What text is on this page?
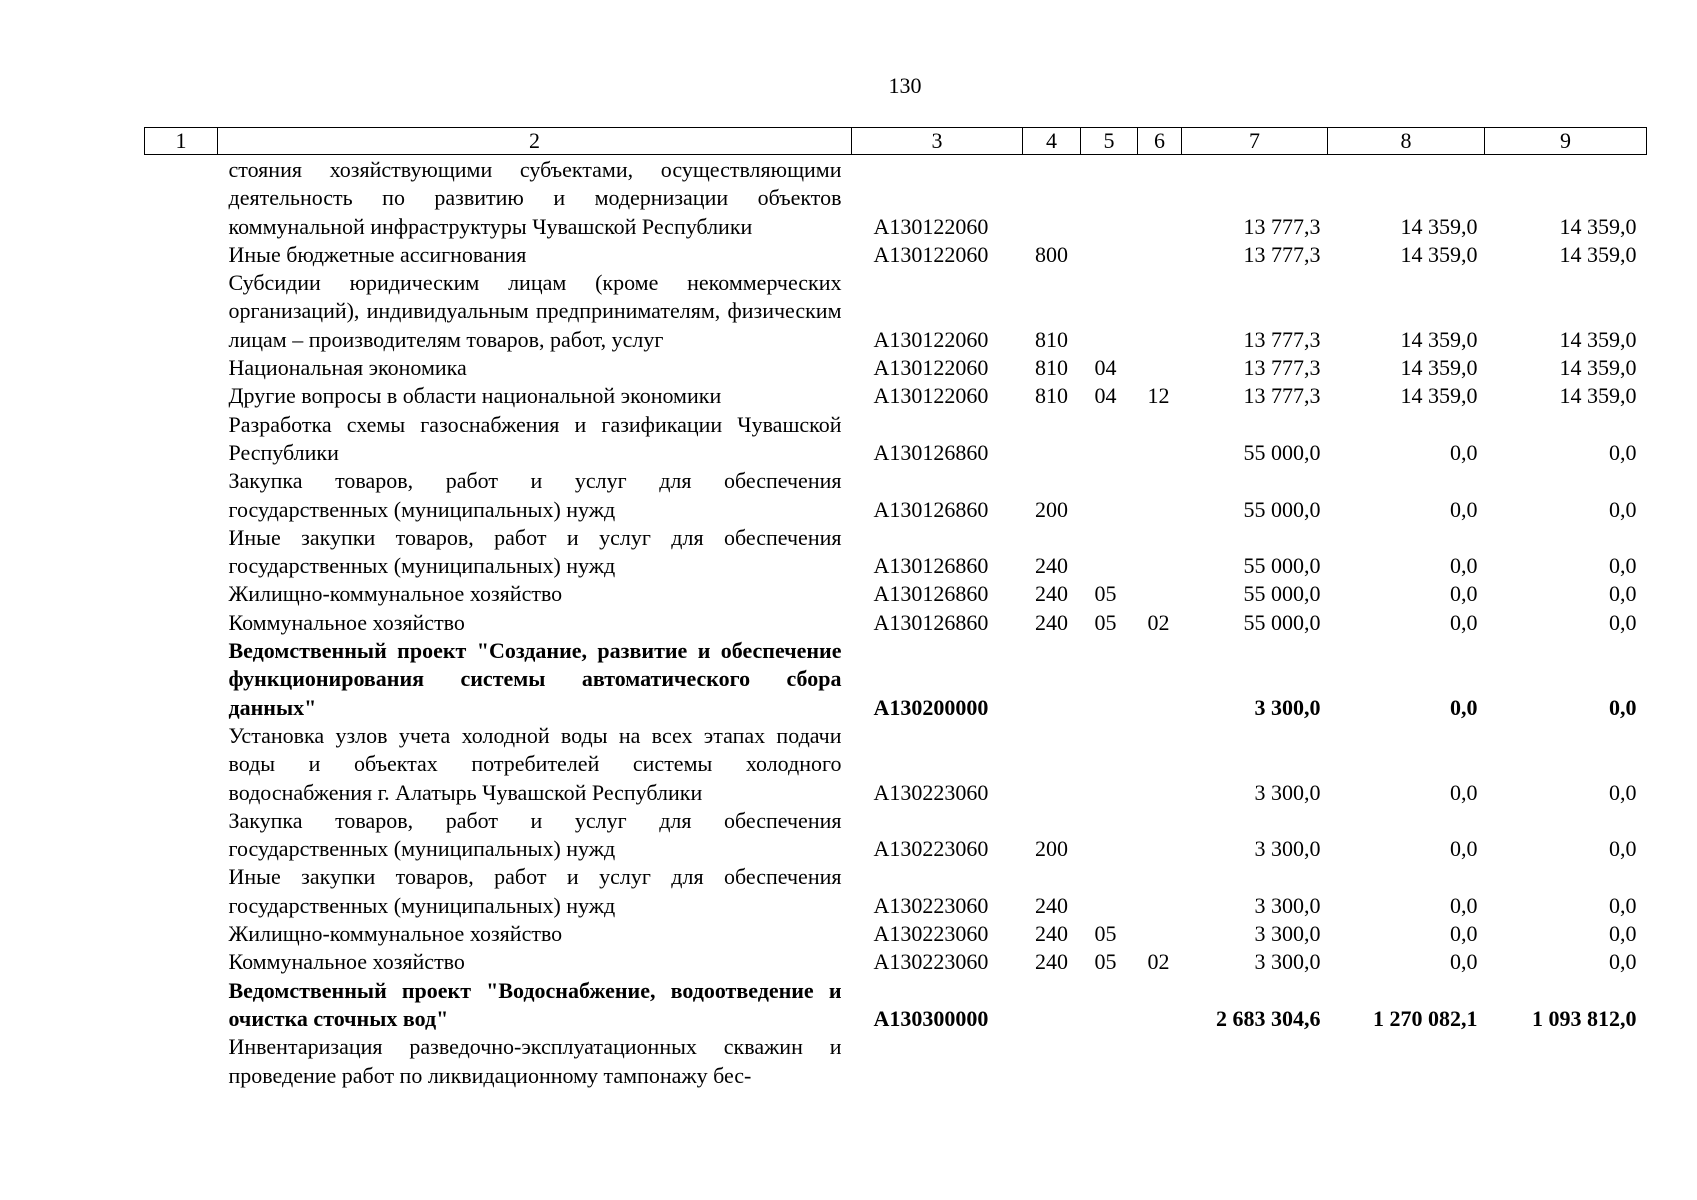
130
1	2	3	4	5	6	7	8	9
	стояния хозяйствующими субъектами, осуществляющими деятельность по развитию и модернизации объектов коммунальной инфраструктуры Чувашской Республики	А130122060				13 777,3	14 359,0	14 359,0
	Иные бюджетные ассигнования	А130122060	800			13 777,3	14 359,0	14 359,0
	Субсидии юридическим лицам (кроме некоммерческих организаций), индивидуальным предпринимателям, физическим лицам – производителям товаров, работ, услуг	А130122060	810			13 777,3	14 359,0	14 359,0
	Национальная экономика	А130122060	810	04		13 777,3	14 359,0	14 359,0
	Другие вопросы в области национальной экономики	А130122060	810	04	12	13 777,3	14 359,0	14 359,0
	Разработка схемы газоснабжения и газификации Чувашской Республики	А130126860				55 000,0	0,0	0,0
	Закупка товаров, работ и услуг для обеспечения государственных (муниципальных) нужд	А130126860	200			55 000,0	0,0	0,0
	Иные закупки товаров, работ и услуг для обеспечения государственных (муниципальных) нужд	А130126860	240			55 000,0	0,0	0,0
	Жилищно-коммунальное хозяйство	А130126860	240	05		55 000,0	0,0	0,0
	Коммунальное хозяйство	А130126860	240	05	02	55 000,0	0,0	0,0
	Ведомственный проект "Создание, развитие и обеспечение функционирования системы автоматического сбора данных"	А130200000				3 300,0	0,0	0,0
	Установка узлов учета холодной воды на всех этапах подачи воды и объектах потребителей системы холодного водоснабжения г. Алатырь Чувашской Республики	А130223060				3 300,0	0,0	0,0
	Закупка товаров, работ и услуг для обеспечения государственных (муниципальных) нужд	А130223060	200			3 300,0	0,0	0,0
	Иные закупки товаров, работ и услуг для обеспечения государственных (муниципальных) нужд	А130223060	240			3 300,0	0,0	0,0
	Жилищно-коммунальное хозяйство	А130223060	240	05		3 300,0	0,0	0,0
	Коммунальное хозяйство	А130223060	240	05	02	3 300,0	0,0	0,0
	Ведомственный проект "Водоснабжение, водоотведение и очистка сточных вод"	А130300000				2 683 304,6	1 270 082,1	1 093 812,0
	Инвентаризация разведочно-эксплуатационных скважин и проведение работ по ликвидационному тампонажу бес-							
